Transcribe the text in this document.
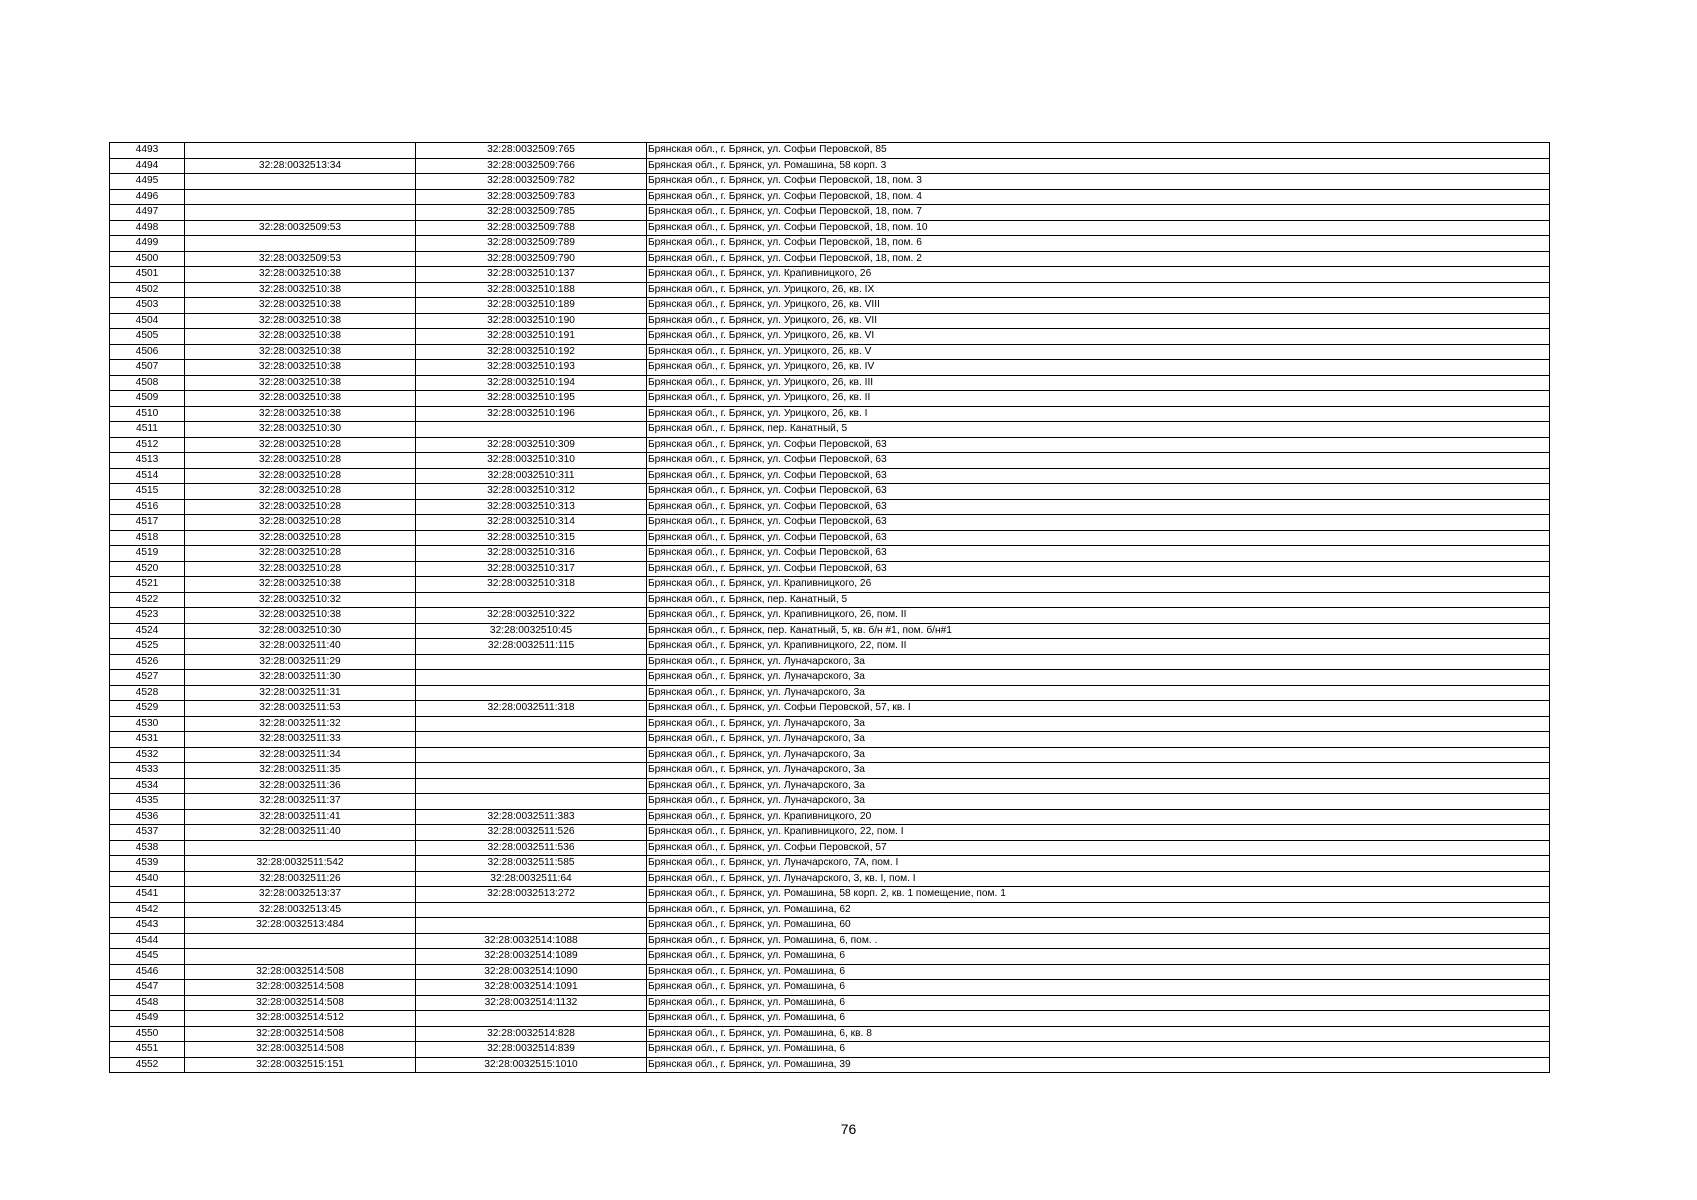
4493		32:28:0032509:765	Брянская обл., г. Брянск, ул. Софьи Перовской, 85
4494	32:28:0032513:34	32:28:0032509:766	Брянская обл., г. Брянск, ул. Ромашина, 58 корп. 3
4495		32:28:0032509:782	Брянская обл., г. Брянск, ул. Софьи Перовской, 18, пом. 3
4496		32:28:0032509:783	Брянская обл., г. Брянск, ул. Софьи Перовской, 18, пом. 4
4497		32:28:0032509:785	Брянская обл., г. Брянск, ул. Софьи Перовской, 18, пом. 7
4498	32:28:0032509:53	32:28:0032509:788	Брянская обл., г. Брянск, ул. Софьи Перовской, 18, пом. 10
4499		32:28:0032509:789	Брянская обл., г. Брянск, ул. Софьи Перовской, 18, пом. 6
4500	32:28:0032509:53	32:28:0032509:790	Брянская обл., г. Брянск, ул. Софьи Перовской, 18, пом. 2
4501	32:28:0032510:38	32:28:0032510:137	Брянская обл., г. Брянск, ул. Крапивницкого, 26
4502	32:28:0032510:38	32:28:0032510:188	Брянская обл., г. Брянск, ул. Урицкого, 26, кв. IX
4503	32:28:0032510:38	32:28:0032510:189	Брянская обл., г. Брянск, ул. Урицкого, 26, кв. VIII
4504	32:28:0032510:38	32:28:0032510:190	Брянская обл., г. Брянск, ул. Урицкого, 26, кв. VII
4505	32:28:0032510:38	32:28:0032510:191	Брянская обл., г. Брянск, ул. Урицкого, 26, кв. VI
4506	32:28:0032510:38	32:28:0032510:192	Брянская обл., г. Брянск, ул. Урицкого, 26, кв. V
4507	32:28:0032510:38	32:28:0032510:193	Брянская обл., г. Брянск, ул. Урицкого, 26, кв. IV
4508	32:28:0032510:38	32:28:0032510:194	Брянская обл., г. Брянск, ул. Урицкого, 26, кв. III
4509	32:28:0032510:38	32:28:0032510:195	Брянская обл., г. Брянск, ул. Урицкого, 26, кв. II
4510	32:28:0032510:38	32:28:0032510:196	Брянская обл., г. Брянск, ул. Урицкого, 26, кв. I
4511	32:28:0032510:30		Брянская обл., г. Брянск, пер. Канатный, 5
4512	32:28:0032510:28	32:28:0032510:309	Брянская обл., г. Брянск, ул. Софьи Перовской, 63
4513	32:28:0032510:28	32:28:0032510:310	Брянская обл., г. Брянск, ул. Софьи Перовской, 63
4514	32:28:0032510:28	32:28:0032510:311	Брянская обл., г. Брянск, ул. Софьи Перовской, 63
4515	32:28:0032510:28	32:28:0032510:312	Брянская обл., г. Брянск, ул. Софьи Перовской, 63
4516	32:28:0032510:28	32:28:0032510:313	Брянская обл., г. Брянск, ул. Софьи Перовской, 63
4517	32:28:0032510:28	32:28:0032510:314	Брянская обл., г. Брянск, ул. Софьи Перовской, 63
4518	32:28:0032510:28	32:28:0032510:315	Брянская обл., г. Брянск, ул. Софьи Перовской, 63
4519	32:28:0032510:28	32:28:0032510:316	Брянская обл., г. Брянск, ул. Софьи Перовской, 63
4520	32:28:0032510:28	32:28:0032510:317	Брянская обл., г. Брянск, ул. Софьи Перовской, 63
4521	32:28:0032510:38	32:28:0032510:318	Брянская обл., г. Брянск, ул. Крапивницкого, 26
4522	32:28:0032510:32		Брянская обл., г. Брянск, пер. Канатный, 5
4523	32:28:0032510:38	32:28:0032510:322	Брянская обл., г. Брянск, ул. Крапивницкого, 26, пом. II
4524	32:28:0032510:30	32:28:0032510:45	Брянская обл., г. Брянск, пер. Канатный, 5, кв. б/н #1, пом. б/н#1
4525	32:28:0032511:40	32:28:0032511:115	Брянская обл., г. Брянск, ул. Крапивницкого, 22, пом. II
4526	32:28:0032511:29		Брянская обл., г. Брянск, ул. Луначарского, 3а
4527	32:28:0032511:30		Брянская обл., г. Брянск, ул. Луначарского, 3а
4528	32:28:0032511:31		Брянская обл., г. Брянск, ул. Луначарского, 3а
4529	32:28:0032511:53	32:28:0032511:318	Брянская обл., г. Брянск, ул. Софьи Перовской, 57, кв. I
4530	32:28:0032511:32		Брянская обл., г. Брянск, ул. Луначарского, 3а
4531	32:28:0032511:33		Брянская обл., г. Брянск, ул. Луначарского, 3а
4532	32:28:0032511:34		Брянская обл., г. Брянск, ул. Луначарского, 3а
4533	32:28:0032511:35		Брянская обл., г. Брянск, ул. Луначарского, 3а
4534	32:28:0032511:36		Брянская обл., г. Брянск, ул. Луначарского, 3а
4535	32:28:0032511:37		Брянская обл., г. Брянск, ул. Луначарского, 3а
4536	32:28:0032511:41	32:28:0032511:383	Брянская обл., г. Брянск, ул. Крапивницкого, 20
4537	32:28:0032511:40	32:28:0032511:526	Брянская обл., г. Брянск, ул. Крапивницкого, 22, пом. I
4538		32:28:0032511:536	Брянская обл., г. Брянск, ул. Софьи Перовской, 57
4539	32:28:0032511:542	32:28:0032511:585	Брянская обл., г. Брянск, ул. Луначарского, 7А, пом. I
4540	32:28:0032511:26	32:28:0032511:64	Брянская обл., г. Брянск, ул. Луначарского, 3, кв. I, пом. I
4541	32:28:0032513:37	32:28:0032513:272	Брянская обл., г. Брянск, ул. Ромашина, 58 корп. 2, кв. 1 помещение, пом. 1
4542	32:28:0032513:45		Брянская обл., г. Брянск, ул. Ромашина, 62
4543	32:28:0032513:484		Брянская обл., г. Брянск, ул. Ромашина, 60
4544		32:28:0032514:1088	Брянская обл., г. Брянск, ул. Ромашина, 6, пом. .
4545		32:28:0032514:1089	Брянская обл., г. Брянск, ул. Ромашина, 6
4546	32:28:0032514:508	32:28:0032514:1090	Брянская обл., г. Брянск, ул. Ромашина, 6
4547	32:28:0032514:508	32:28:0032514:1091	Брянская обл., г. Брянск, ул. Ромашина, 6
4548	32:28:0032514:508	32:28:0032514:1132	Брянская обл., г. Брянск, ул. Ромашина, 6
4549	32:28:0032514:512		Брянская обл., г. Брянск, ул. Ромашина, 6
4550	32:28:0032514:508	32:28:0032514:828	Брянская обл., г. Брянск, ул. Ромашина, 6, кв. 8
4551	32:28:0032514:508	32:28:0032514:839	Брянская обл., г. Брянск, ул. Ромашина, 6
4552	32:28:0032515:151	32:28:0032515:1010	Брянская обл., г. Брянск, ул. Ромашина, 39
76
